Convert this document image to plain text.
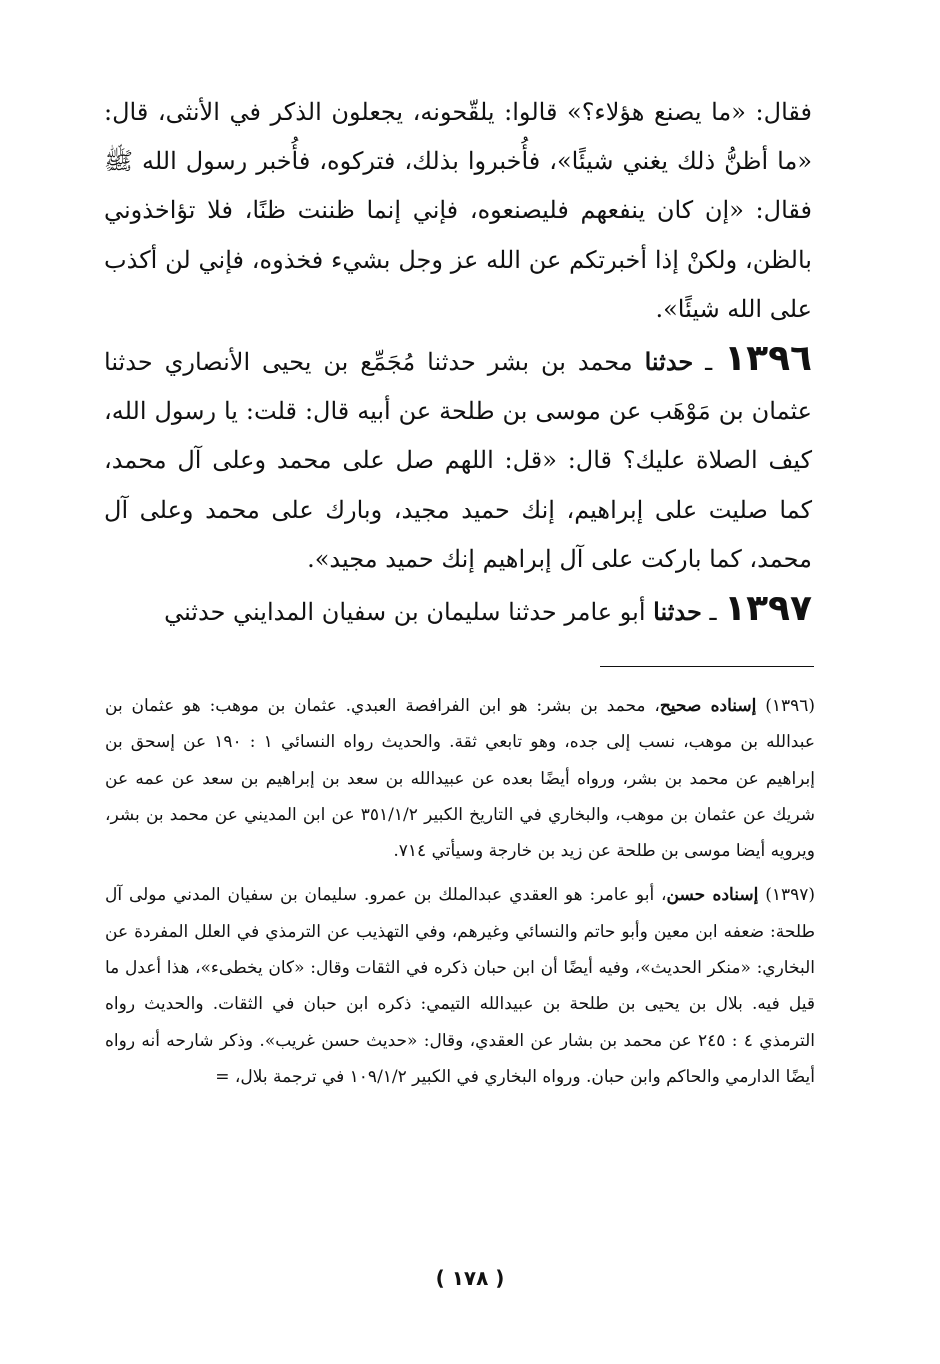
فقال: «ما يصنع هؤلاء؟» قالوا: يلقّحونه، يجعلون الذكر في الأنثى، قال: «ما أظنُّ ذلك يغني شيئًا»، فأُخبروا بذلك، فتركوه، فأُخبر رسول الله ﷺ فقال: «إن كان ينفعهم فليصنعوه، فإني إنما ظننت ظنًا، فلا تؤاخذوني بالظن، ولكنْ إذا أخبرتكم عن الله عز وجل بشيء فخذوه، فإني لن أكذب على الله شيئًا».

١٣٩٦ ـ حدثنا محمد بن بشر حدثنا مُجَمِّع بن يحيى الأنصاري حدثنا عثمان بن مَوْهَب عن موسى بن طلحة عن أبيه قال: قلت: يا رسول الله، كيف الصلاة عليك؟ قال: «قل: اللهم صل على محمد وعلى آل محمد، كما صليت على إبراهيم، إنك حميد مجيد، وبارك على محمد وعلى آل محمد، كما باركت على آل إبراهيم إنك حميد مجيد».

١٣٩٧ ـ حدثنا أبو عامر حدثنا سليمان بن سفيان المدايني حدثني

(١٣٩٦) إسناده صحيح، محمد بن بشر: هو ابن الفرافصة العبدي. عثمان بن موهب: هو عثمان بن عبدالله بن موهب، نسب إلى جده، وهو تابعي ثقة. والحديث رواه النسائي ١ : ١٩٠ عن إسحق بن إبراهيم عن محمد بن بشر، ورواه أيضًا بعده عن عبيدالله بن سعد بن إبراهيم بن سعد عن عمه عن شريك عن عثمان بن موهب، والبخاري في التاريخ الكبير ٣٥١/١/٢ عن ابن المديني عن محمد بن بشر، ويرويه أيضا موسى بن طلحة عن زيد بن خارجة وسيأتي ٧١٤.

(١٣٩٧) إسناده حسن، أبو عامر: هو العقدي عبدالملك بن عمرو. سليمان بن سفيان المدني مولى آل طلحة: ضعفه ابن معين وأبو حاتم والنسائي وغيرهم، وفي التهذيب عن الترمذي في العلل المفردة عن البخاري: «منكر الحديث»، وفيه أيضًا أن ابن حبان ذكره في الثقات وقال: «كان يخطىء»، هذا أعدل ما قيل فيه. بلال بن يحيى بن طلحة بن عبيدالله التيمي: ذكره ابن حبان في الثقات. والحديث رواه الترمذي ٤ : ٢٤٥ عن محمد بن بشار عن العقدي، وقال: «حديث حسن غريب». وذكر شارحه أنه رواه أيضًا الدارمي والحاكم وابن حبان. ورواه البخاري في الكبير ١٠٩/١/٢ في ترجمة بلال، =

( ١٧٨ )
